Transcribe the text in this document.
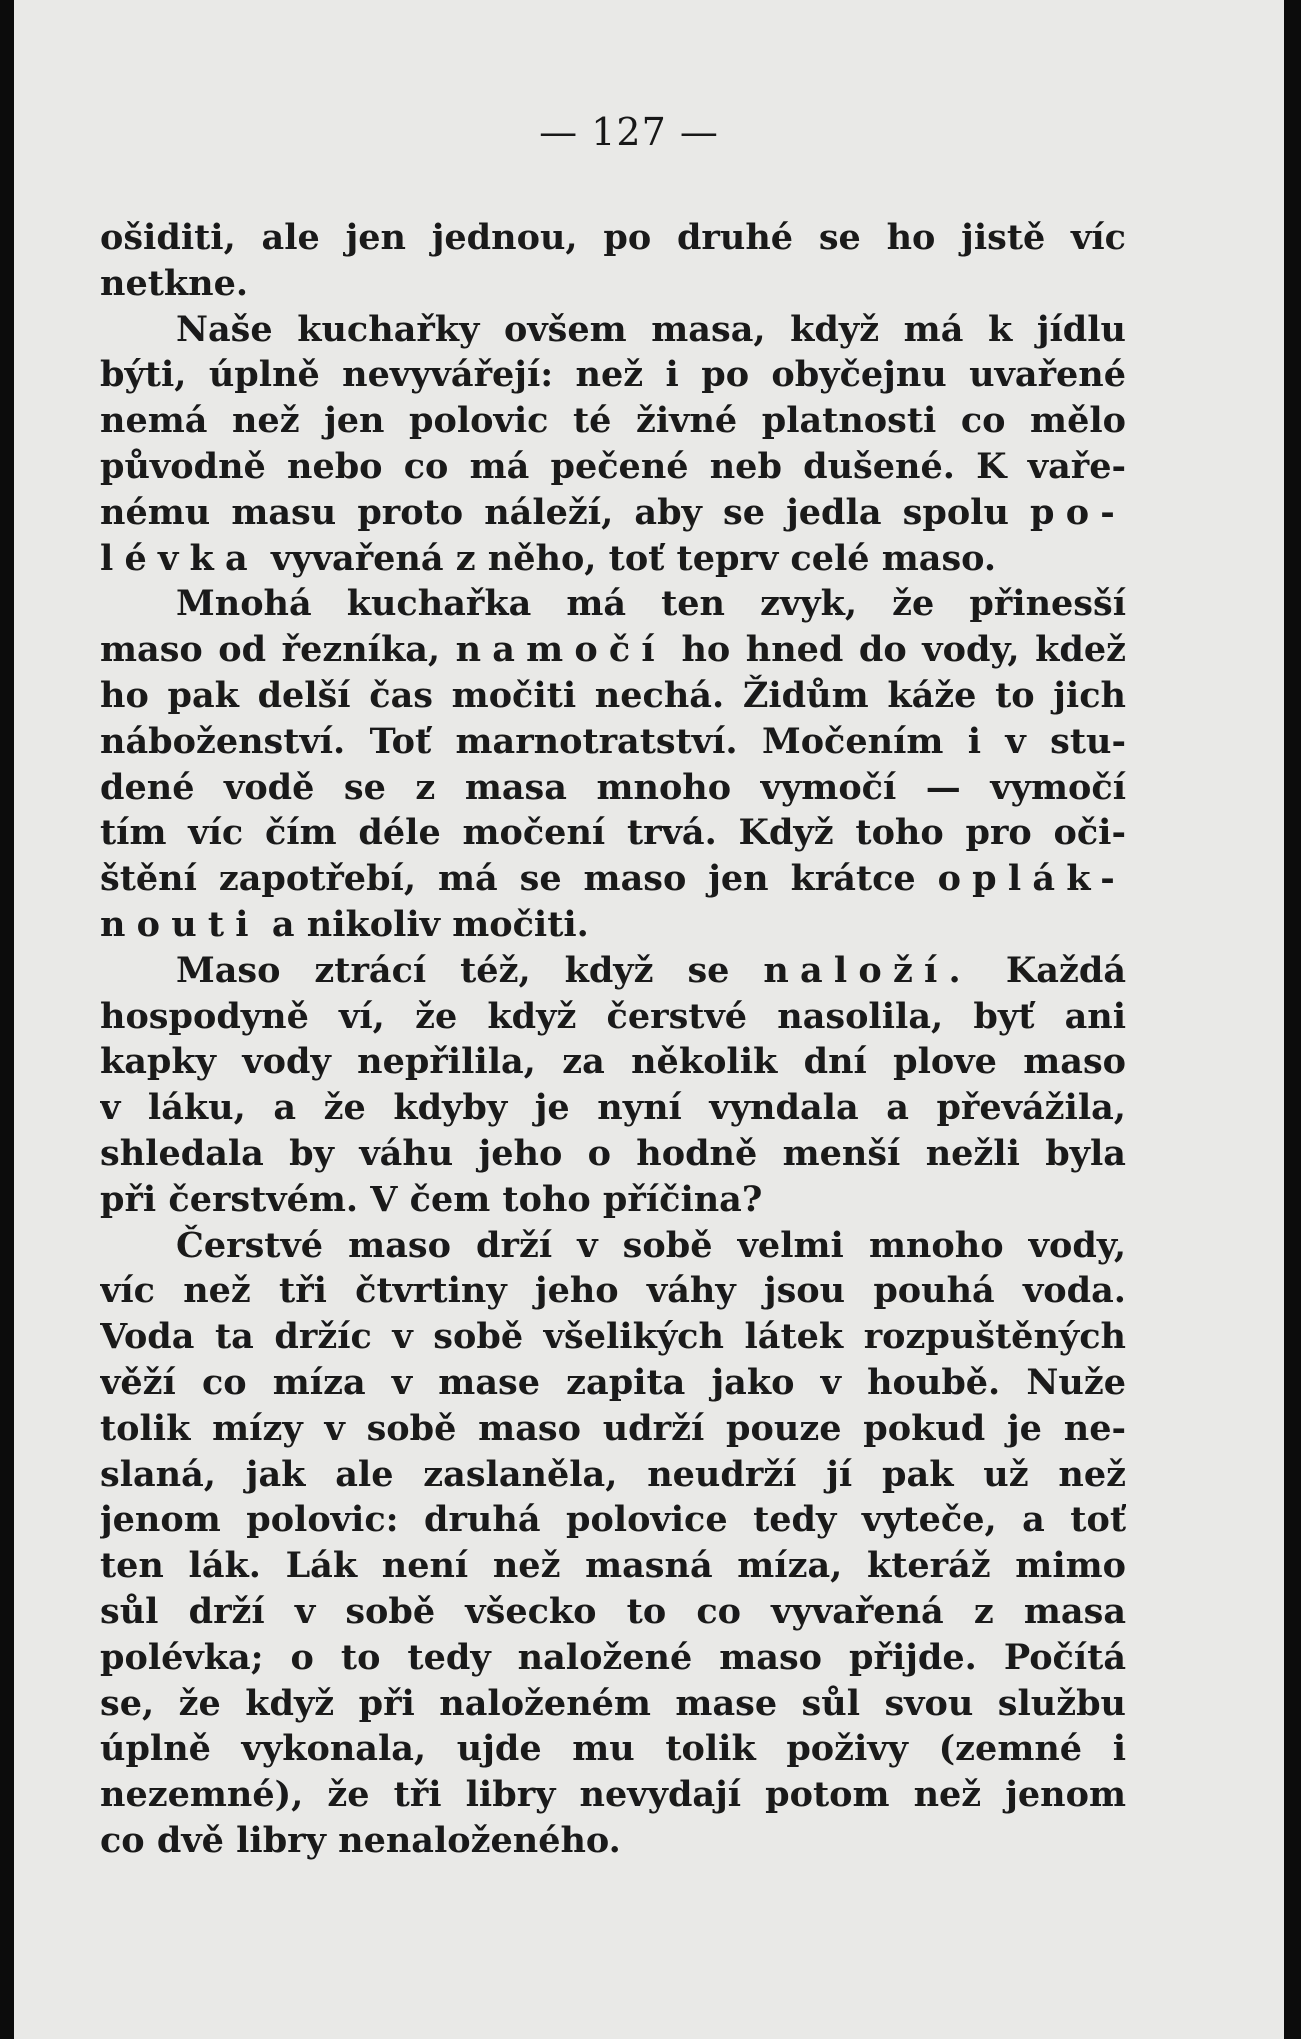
— 127 —
ošiditi, ale jen jednou, po druhé se ho jistě víc
netkne.
Naše kuchařky ovšem masa, když má k jídlu
býti, úplně nevyvářejí: než i po obyčejnu uvařené
nemá než jen polovic té živné platnosti co mělo
původně nebo co má pečené neb dušené. K vaře-
nému masu proto náleží, aby se jedla spolu po-
lévka vyvařená z něho, toť teprv celé maso.
Mnohá kuchařka má ten zvyk, že přinesší
maso od řezníka, namočí ho hned do vody, kdež
ho pak delší čas močiti nechá. Židům káže to jich
náboženství. Toť marnotratství. Močením i v stu-
dené vodě se z masa mnoho vymočí — vymočí
tím víc čím déle močení trvá. Když toho pro oči-
štění zapotřebí, má se maso jen krátce oplák-
nouti a nikoliv močiti.
Maso ztrácí též, když se naloží. Každá
hospodyně ví, že když čerstvé nasolila, byť ani
kapky vody nepřilila, za několik dní plove maso
v láku, a že kdyby je nyní vyndala a převážila,
shledala by váhu jeho o hodně menší nežli byla
při čerstvém. V čem toho příčina?
Čerstvé maso drží v sobě velmi mnoho vody,
víc než tři čtvrtiny jeho váhy jsou pouhá voda.
Voda ta držíc v sobě všelikých látek rozpuštěných
věží co míza v mase zapita jako v houbě. Nuže
tolik mízy v sobě maso udrží pouze pokud je ne-
slaná, jak ale zaslaněla, neudrží jí pak už než
jenom polovic: druhá polovice tedy vyteče, a toť
ten lák. Lák není než masná míza, kteráž mimo
sůl drží v sobě všecko to co vyvařená z masa
polévka; o to tedy naložené maso přijde. Počítá
se, že když při naloženém mase sůl svou službu
úplně vykonala, ujde mu tolik poživy (zemné i
nezemné), že tři libry nevydají potom než jenom
co dvě libry nenaloženého.
